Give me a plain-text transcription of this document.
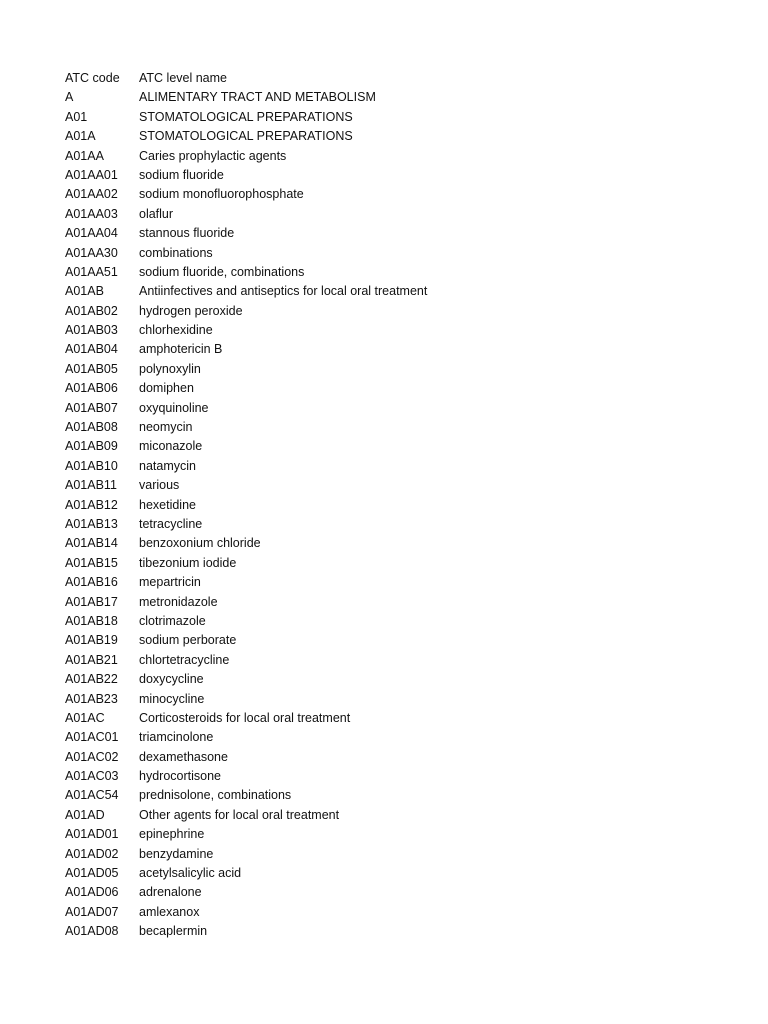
ATC code	ATC level name
A	ALIMENTARY TRACT AND METABOLISM
A01	STOMATOLOGICAL PREPARATIONS
A01A	STOMATOLOGICAL PREPARATIONS
A01AA	Caries prophylactic agents
A01AA01	sodium fluoride
A01AA02	sodium monofluorophosphate
A01AA03	olaflur
A01AA04	stannous fluoride
A01AA30	combinations
A01AA51	sodium fluoride, combinations
A01AB	Antiinfectives and antiseptics for local oral treatment
A01AB02	hydrogen peroxide
A01AB03	chlorhexidine
A01AB04	amphotericin B
A01AB05	polynoxylin
A01AB06	domiphen
A01AB07	oxyquinoline
A01AB08	neomycin
A01AB09	miconazole
A01AB10	natamycin
A01AB11	various
A01AB12	hexetidine
A01AB13	tetracycline
A01AB14	benzoxonium chloride
A01AB15	tibezonium iodide
A01AB16	mepartricin
A01AB17	metronidazole
A01AB18	clotrimazole
A01AB19	sodium perborate
A01AB21	chlortetracycline
A01AB22	doxycycline
A01AB23	minocycline
A01AC	Corticosteroids for local oral treatment
A01AC01	triamcinolone
A01AC02	dexamethasone
A01AC03	hydrocortisone
A01AC54	prednisolone, combinations
A01AD	Other agents for local oral treatment
A01AD01	epinephrine
A01AD02	benzydamine
A01AD05	acetylsalicylic acid
A01AD06	adrenalone
A01AD07	amlexanox
A01AD08	becaplermin
